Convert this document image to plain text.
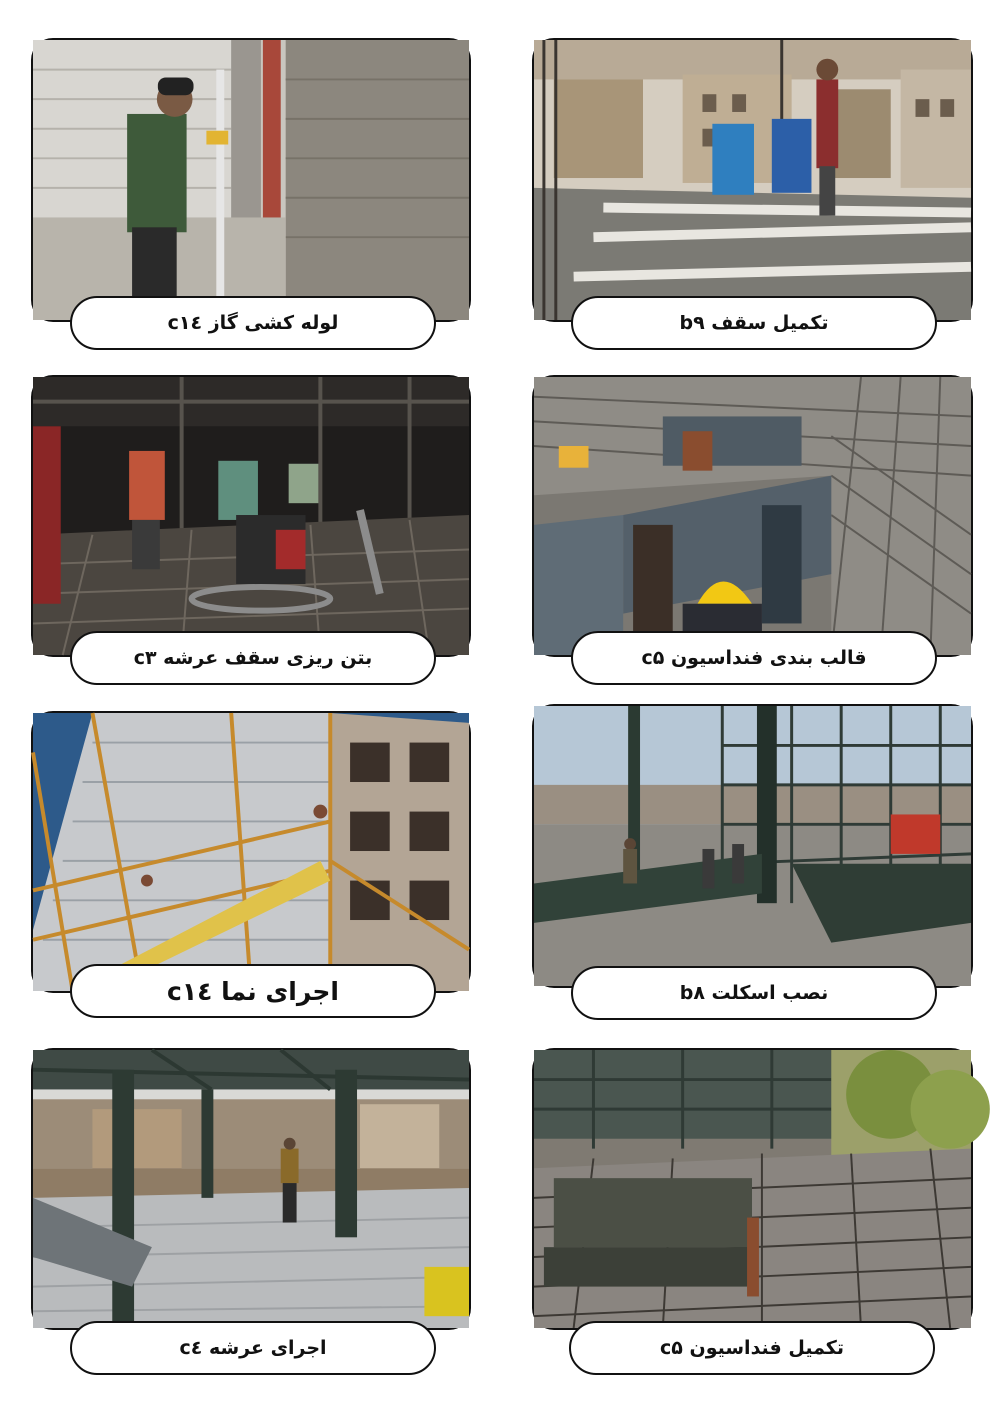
لوله کشی گاز c۱٤	تکمیل سقف b۹
بتن ریزی سقف عرشه c۳	قالب بندی فنداسیون c۵
اجرای نما c۱٤	نصب اسکلت b۸
اجرای عرشه c٤	تکمیل فنداسیون c۵
